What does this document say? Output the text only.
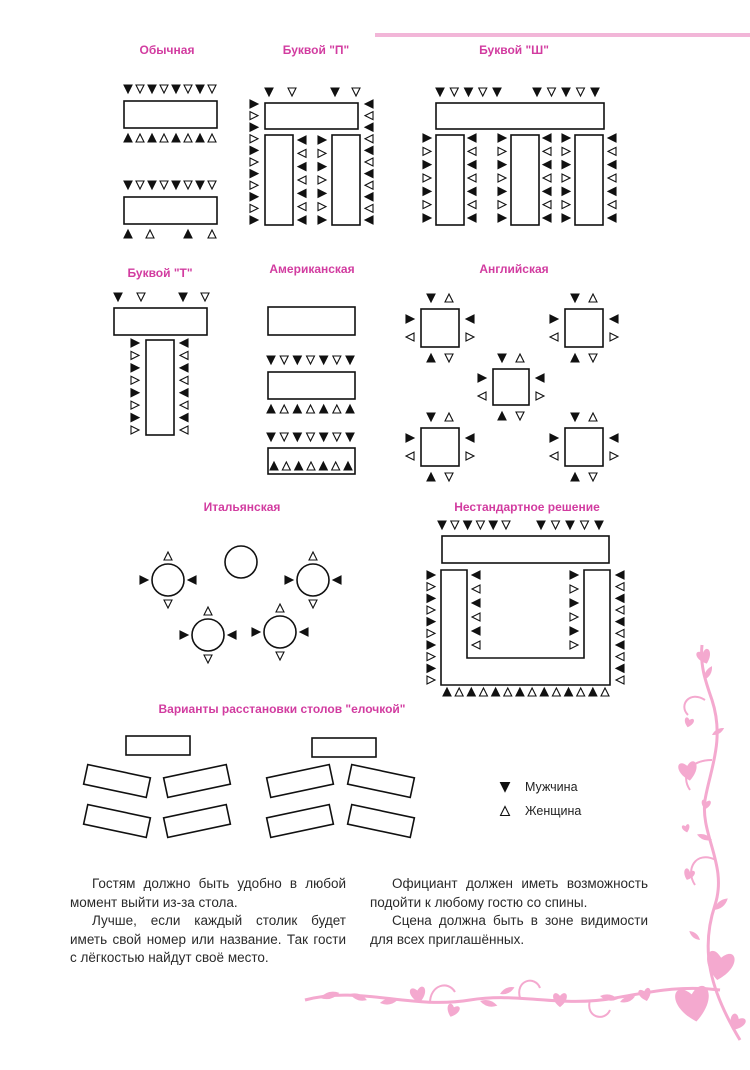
Обычная	Буквой "П"	Буквой "Ш"
Буквой "Т"	Американская	Английская
Итальянская	Нестандартное решение
Варианты расстановки столов "елочкой"
Мужчина
Женщина

Гостям должно быть удобно в любой момент выйти из-за стола.

Лучше, если каждый столик будет иметь свой номер или название. Так гости с лёгкостью найдут своё место.

Официант должен иметь возможность подойти к любому гостю со спины.

Сцена должна быть в зоне видимости для всех приглашённых.
